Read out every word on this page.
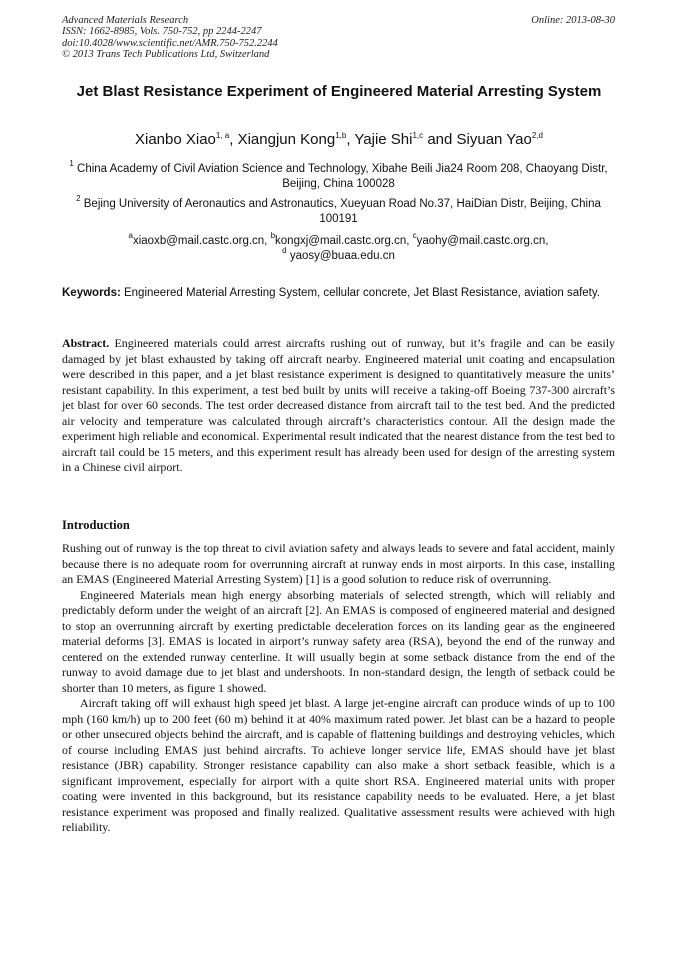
Advanced Materials Research
ISSN: 1662-8985, Vols. 750-752, pp 2244-2247
doi:10.4028/www.scientific.net/AMR.750-752.2244
© 2013 Trans Tech Publications Ltd, Switzerland
Online: 2013-08-30
Jet Blast Resistance Experiment of Engineered Material Arresting System
Xianbo Xiao$^{1, a}$, Xiangjun Kong$^{1,b}$, Yajie Shi$^{1,c}$ and Siyuan Yao$^{2,d}$
$^1$ China Academy of Civil Aviation Science and Technology, Xibahe Beili Jia24 Room 208, Chaoyang Distr, Beijing, China 100028
$^2$ Bejing University of Aeronautics and Astronautics, Xueyuan Road No.37, HaiDian Distr, Beijing, China 100191
$^a$xiaoxb@mail.castc.org.cn, $^b$kongxj@mail.castc.org.cn, $^c$yaohy@mail.castc.org.cn,
$^d$ yaosy@buaa.edu.cn
Keywords: Engineered Material Arresting System, cellular concrete, Jet Blast Resistance, aviation safety.

Abstract. Engineered materials could arrest aircrafts rushing out of runway, but it’s fragile and can be easily damaged by jet blast exhausted by taking off aircraft nearby. Engineered material unit coating and encapsulation were described in this paper, and a jet blast resistance experiment is designed to quantitatively measure the units’ resistant capability. In this experiment, a test bed built by units will receive a taking-off Boeing 737-300 aircraft’s jet blast for over 60 seconds. The test order decreased distance from aircraft tail to the test bed. And the predicted air velocity and temperature was calculated through aircraft’s characteristics contour. All the design made the experiment high reliable and economical. Experimental result indicated that the nearest distance from the test bed to aircraft tail could be 15 meters, and this experiment result has already been used for design of the arresting system in a Chinese civil airport.

Introduction

Rushing out of runway is the top threat to civil aviation safety and always leads to severe and fatal accident, mainly because there is no adequate room for overrunning aircraft at runway ends in most airports. In this case, installing an EMAS (Engineered Material Arresting System) [1] is a good solution to reduce risk of overrunning.

Engineered Materials mean high energy absorbing materials of selected strength, which will reliably and predictably deform under the weight of an aircraft [2]. An EMAS is composed of engineered material and designed to stop an overrunning aircraft by exerting predictable deceleration forces on its landing gear as the engineered material deforms [3]. EMAS is located in airport’s runway safety area (RSA), beyond the end of the runway and centered on the extended runway centerline. It will usually begin at some setback distance from the end of the runway to avoid damage due to jet blast and undershoots. In non-standard design, the length of setback could be shorter than 10 meters, as figure 1 showed.

Aircraft taking off will exhaust high speed jet blast. A large jet-engine aircraft can produce winds of up to 100 mph (160 km/h) up to 200 feet (60 m) behind it at 40% maximum rated power. Jet blast can be a hazard to people or other unsecured objects behind the aircraft, and is capable of flattening buildings and destroying vehicles, which of course including EMAS just behind aircrafts. To achieve longer service life, EMAS should have jet blast resistance (JBR) capability. Stronger resistance capability can also make a short setback feasible, which is a significant improvement, especially for airport with a quite short RSA. Engineered material units with proper coating were invented in this background, but its resistance capability needs to be evaluated. Here, a jet blast resistance experiment was proposed and finally realized. Qualitative assessment results were achieved with high reliability.
